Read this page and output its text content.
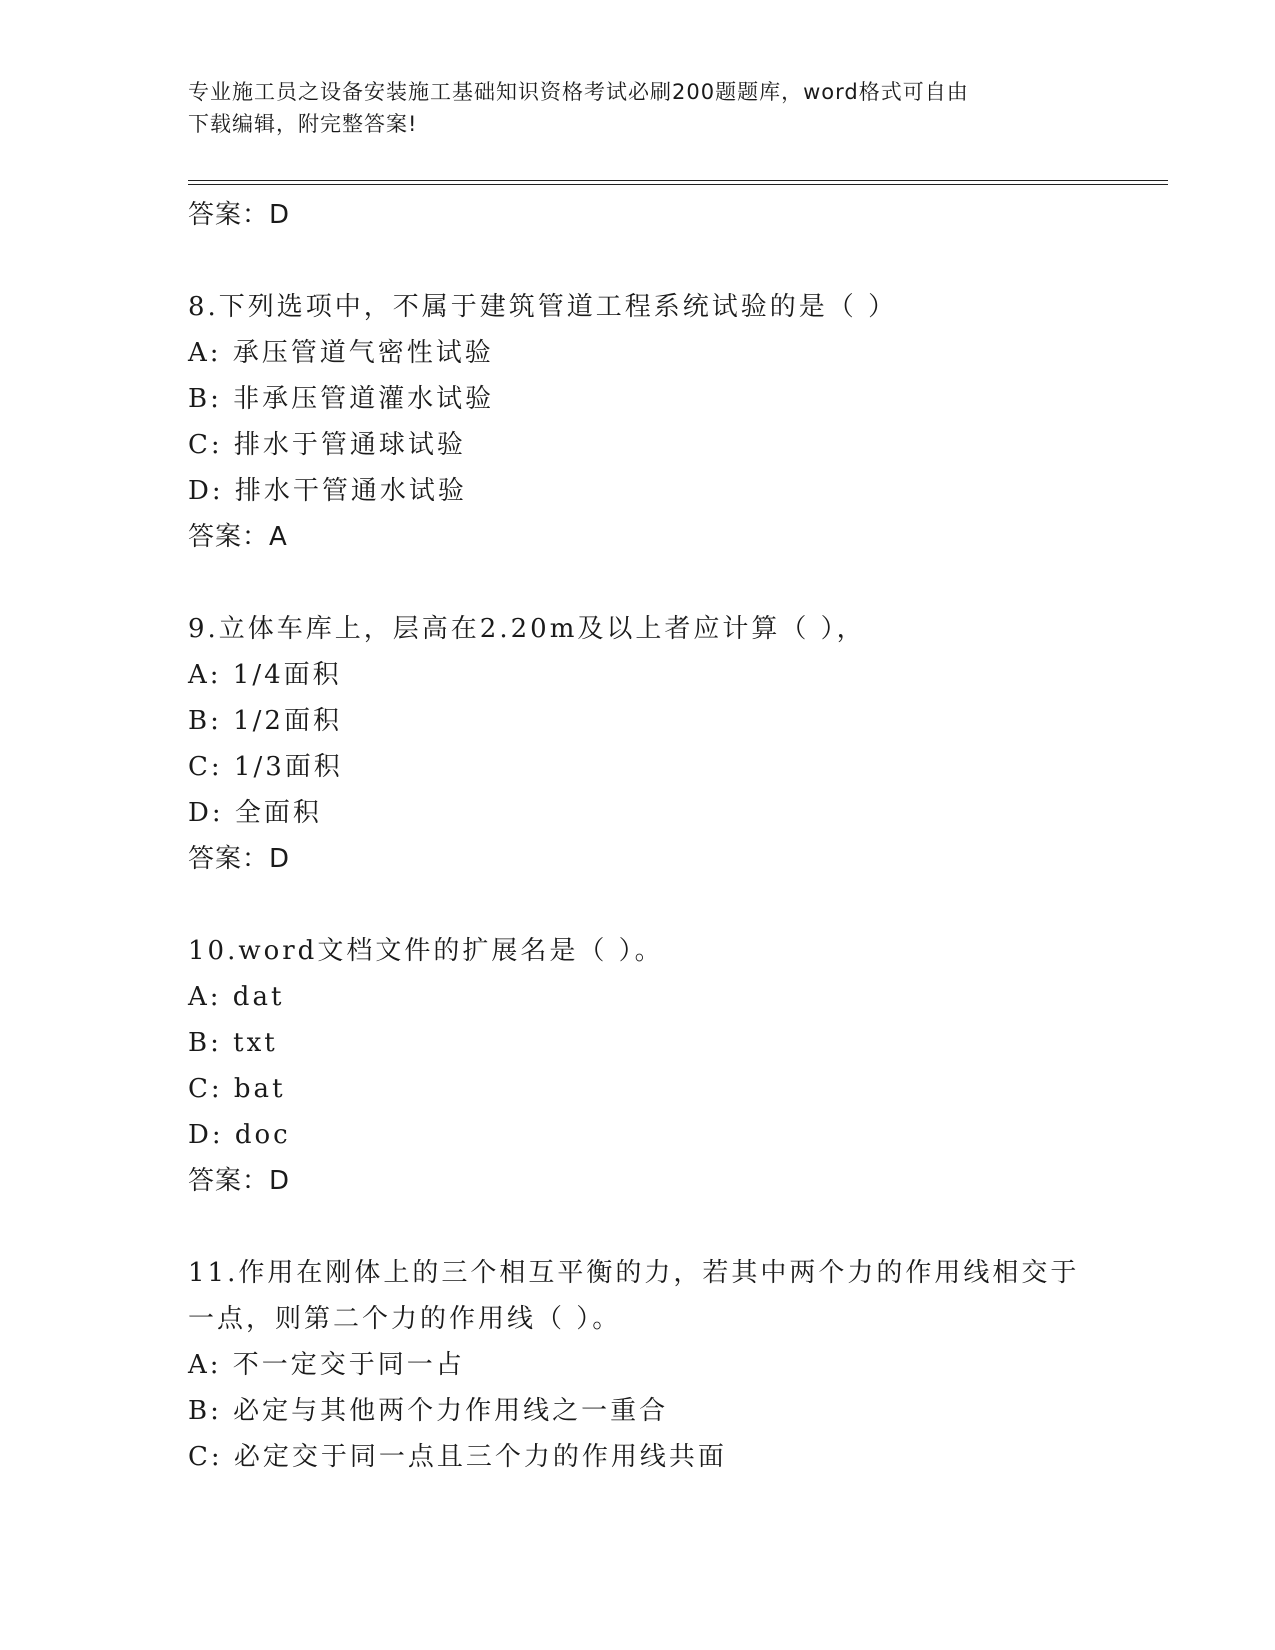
专业施工员之设备安装施工基础知识资格考试必刷200题题库，word格式可自由
下载编辑，附完整答案!
答案：D
8.下列选项中，不属于建筑管道工程系统试验的是（ ）
A: 承压管道气密性试验
B: 非承压管道灌水试验
C: 排水于管通球试验
D: 排水干管通水试验
答案：A
9.立体车库上，层高在2.20m及以上者应计算（ ），
A: 1/4面积
B: 1/2面积
C: 1/3面积
D: 全面积
答案：D
10.word文档文件的扩展名是（ ）。
A: dat
B: txt
C: bat
D: doc
答案：D
11.作用在刚体上的三个相互平衡的力，若其中两个力的作用线相交于
一点，则第二个力的作用线（ ）。
A: 不一定交于同一占
B: 必定与其他两个力作用线之一重合
C: 必定交于同一点且三个力的作用线共面
